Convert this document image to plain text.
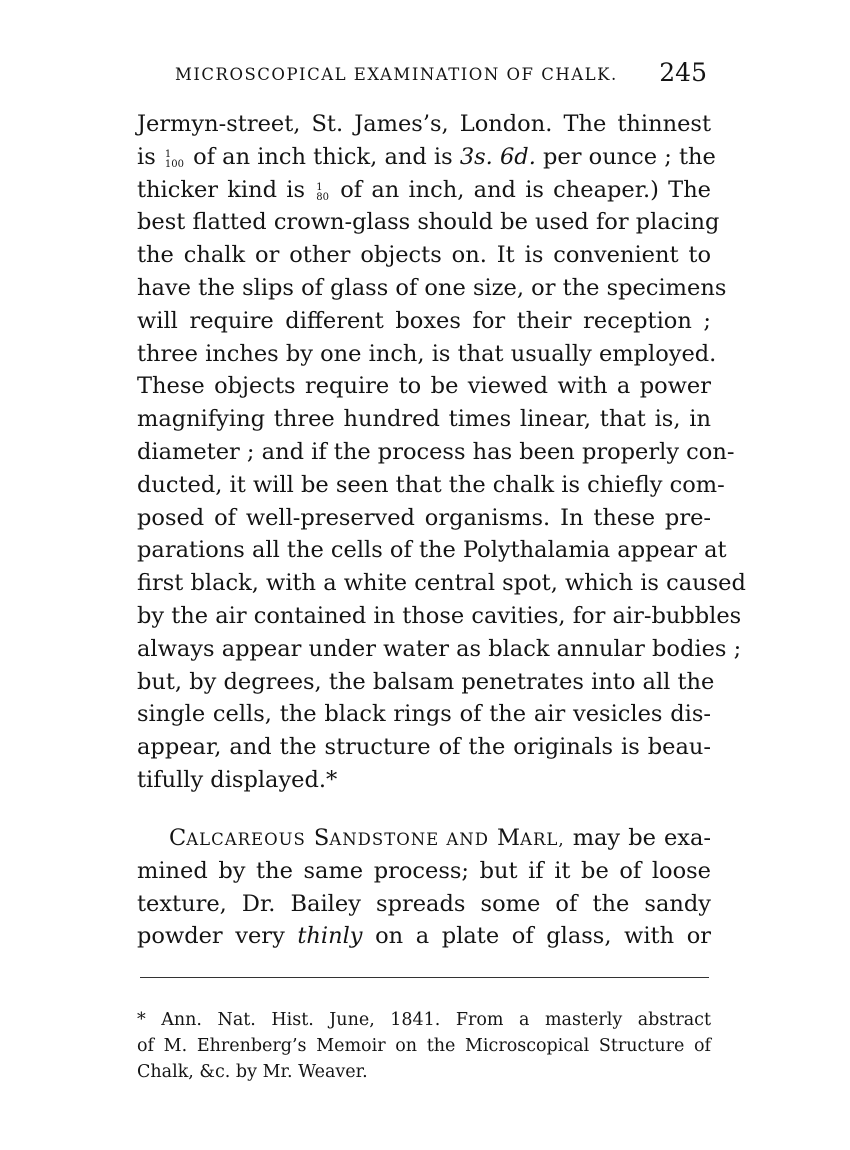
MICROSCOPICAL EXAMINATION OF CHALK. 245
Jermyn-street, St. James’s, London. The thinnest
is 1
100 of an inch thick, and is 3s. 6d. per ounce ; the
thicker kind is 1
80 of an inch, and is cheaper.) The
best flatted crown-glass should be used for placing
the chalk or other objects on. It is convenient to
have the slips of glass of one size, or the specimens
will require different boxes for their reception ;
three inches by one inch, is that usually employed.
These objects require to be viewed with a power
magnifying three hundred times linear, that is, in
diameter ; and if the process has been properly con-
ducted, it will be seen that the chalk is chiefly com-
posed of well-preserved organisms. In these pre-
parations all the cells of the Polythalamia appear at
first black, with a white central spot, which is caused
by the air contained in those cavities, for air-bubbles
always appear under water as black annular bodies ;
but, by degrees, the balsam penetrates into all the
single cells, the black rings of the air vesicles dis-
appear, and the structure of the originals is beau-
tifully displayed.*
CALCAREOUS SANDSTONE AND MARL, may be exa-
mined by the same process; but if it be of loose
texture, Dr. Bailey spreads some of the sandy
powder very thinly on a plate of glass, with or
* Ann. Nat. Hist. June, 1841. From a masterly abstract
of M. Ehrenberg’s Memoir on the Microscopical Structure of
Chalk, &c. by Mr. Weaver.
